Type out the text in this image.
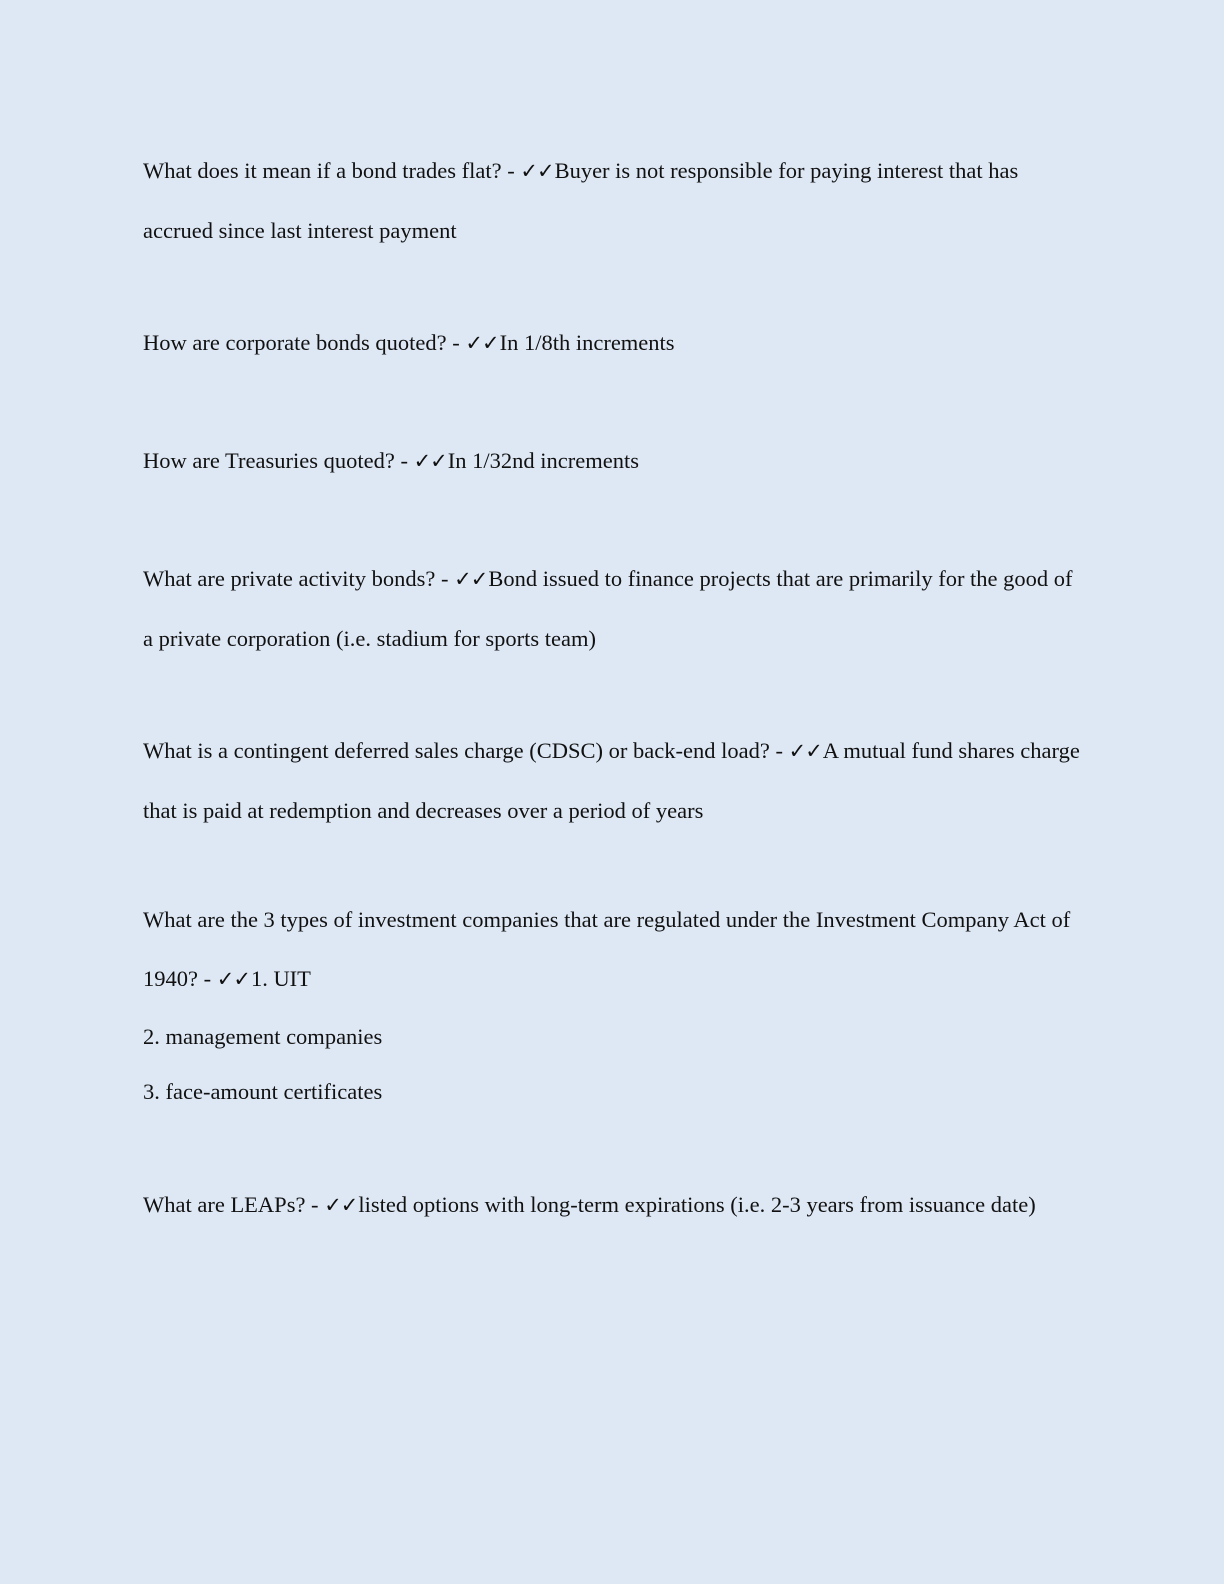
What does it mean if a bond trades flat? - ✓✓Buyer is not responsible for paying interest that has accrued since last interest payment

How are corporate bonds quoted? - ✓✓In 1/8th increments

How are Treasuries quoted? - ✓✓In 1/32nd increments

What are private activity bonds? - ✓✓Bond issued to finance projects that are primarily for the good of a private corporation (i.e. stadium for sports team)

What is a contingent deferred sales charge (CDSC) or back-end load? - ✓✓A mutual fund shares charge that is paid at redemption and decreases over a period of years

What are the 3 types of investment companies that are regulated under the Investment Company Act of 1940? - ✓✓1. UIT

2. management companies

3. face-amount certificates

What are LEAPs? - ✓✓listed options with long-term expirations (i.e. 2-3 years from issuance date)
